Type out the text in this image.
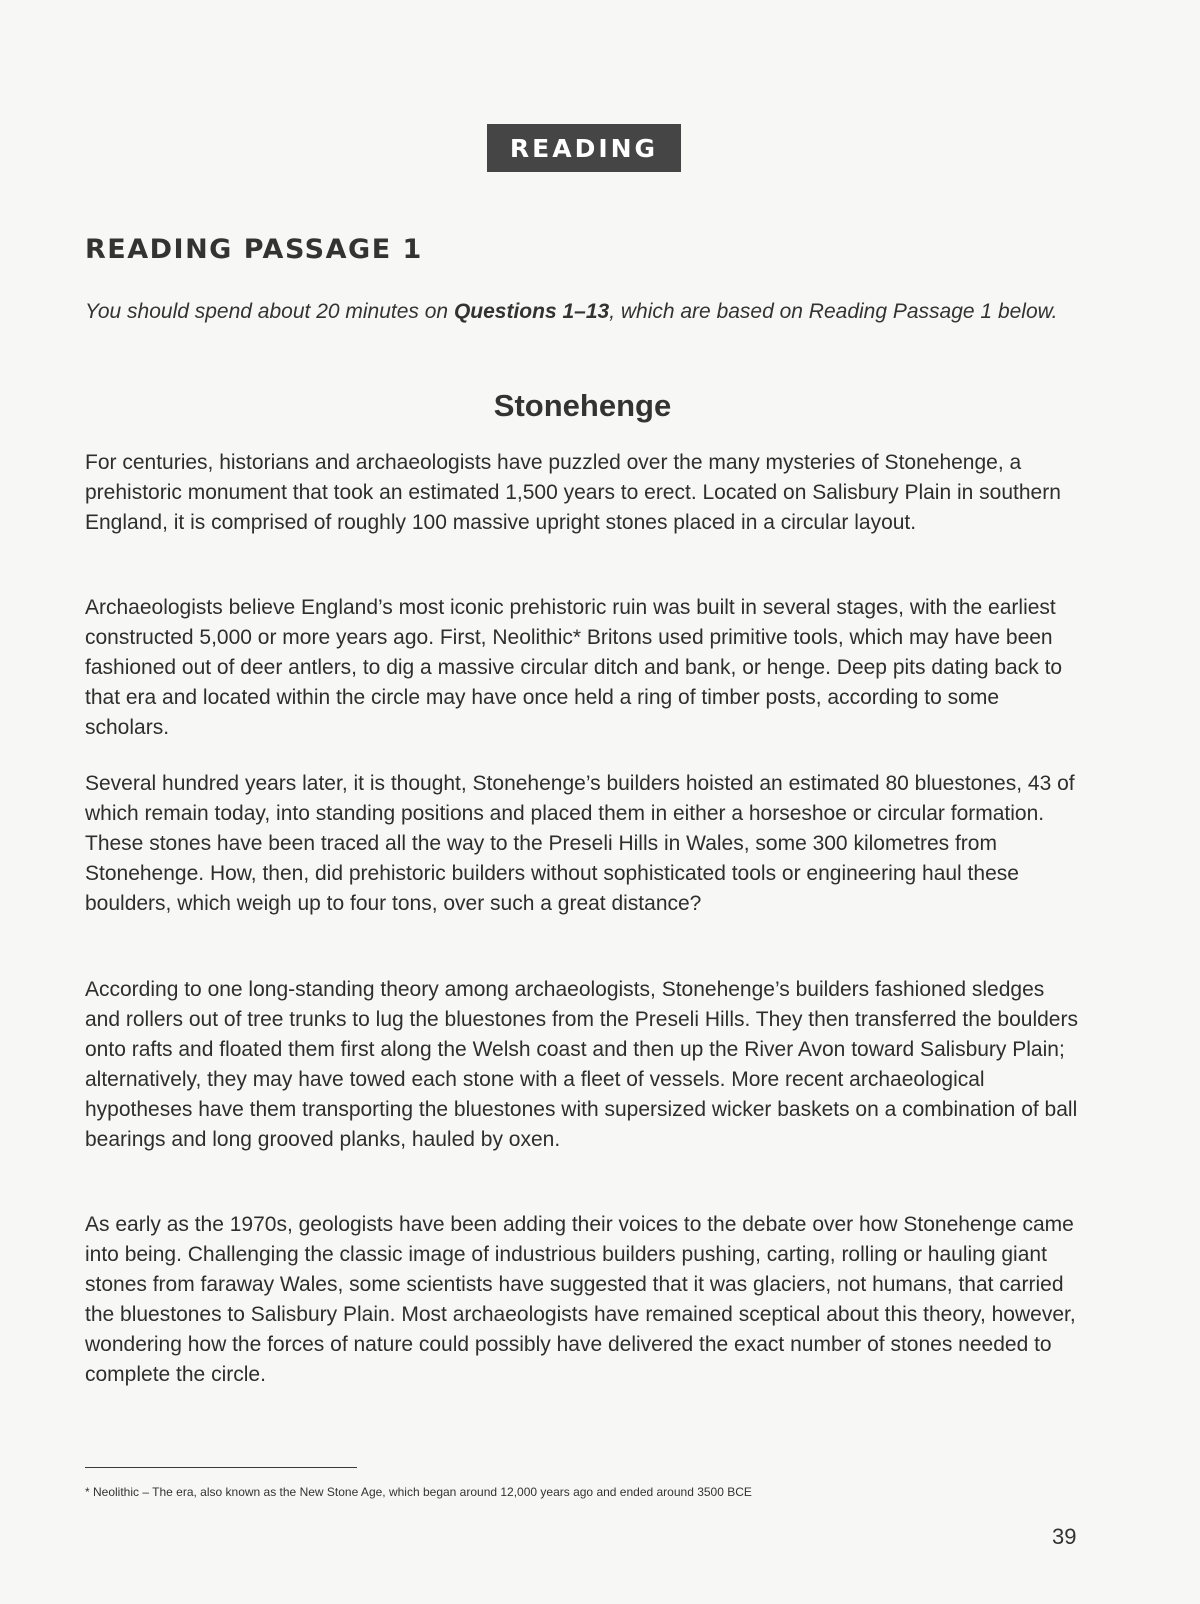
READING
READING PASSAGE 1

You should spend about 20 minutes on Questions 1–13, which are based on Reading Passage 1 below.

Stonehenge

For centuries, historians and archaeologists have puzzled over the many mysteries of Stonehenge, a prehistoric monument that took an estimated 1,500 years to erect. Located on Salisbury Plain in southern England, it is comprised of roughly 100 massive upright stones placed in a circular layout.

Archaeologists believe England’s most iconic prehistoric ruin was built in several stages, with the earliest constructed 5,000 or more years ago. First, Neolithic* Britons used primitive tools, which may have been fashioned out of deer antlers, to dig a massive circular ditch and bank, or henge. Deep pits dating back to that era and located within the circle may have once held a ring of timber posts, according to some scholars.

Several hundred years later, it is thought, Stonehenge’s builders hoisted an estimated 80 bluestones, 43 of which remain today, into standing positions and placed them in either a horseshoe or circular formation. These stones have been traced all the way to the Preseli Hills in Wales, some 300 kilometres from Stonehenge. How, then, did prehistoric builders without sophisticated tools or engineering haul these boulders, which weigh up to four tons, over such a great distance?

According to one long-standing theory among archaeologists, Stonehenge’s builders fashioned sledges and rollers out of tree trunks to lug the bluestones from the Preseli Hills. They then transferred the boulders onto rafts and floated them first along the Welsh coast and then up the River Avon toward Salisbury Plain; alternatively, they may have towed each stone with a fleet of vessels. More recent archaeological hypotheses have them transporting the bluestones with supersized wicker baskets on a combination of ball bearings and long grooved planks, hauled by oxen.

As early as the 1970s, geologists have been adding their voices to the debate over how Stonehenge came into being. Challenging the classic image of industrious builders pushing, carting, rolling or hauling giant stones from faraway Wales, some scientists have suggested that it was glaciers, not humans, that carried the bluestones to Salisbury Plain. Most archaeologists have remained sceptical about this theory, however, wondering how the forces of nature could possibly have delivered the exact number of stones needed to complete the circle.

* Neolithic – The era, also known as the New Stone Age, which began around 12,000 years ago and ended around 3500 BCE

39
